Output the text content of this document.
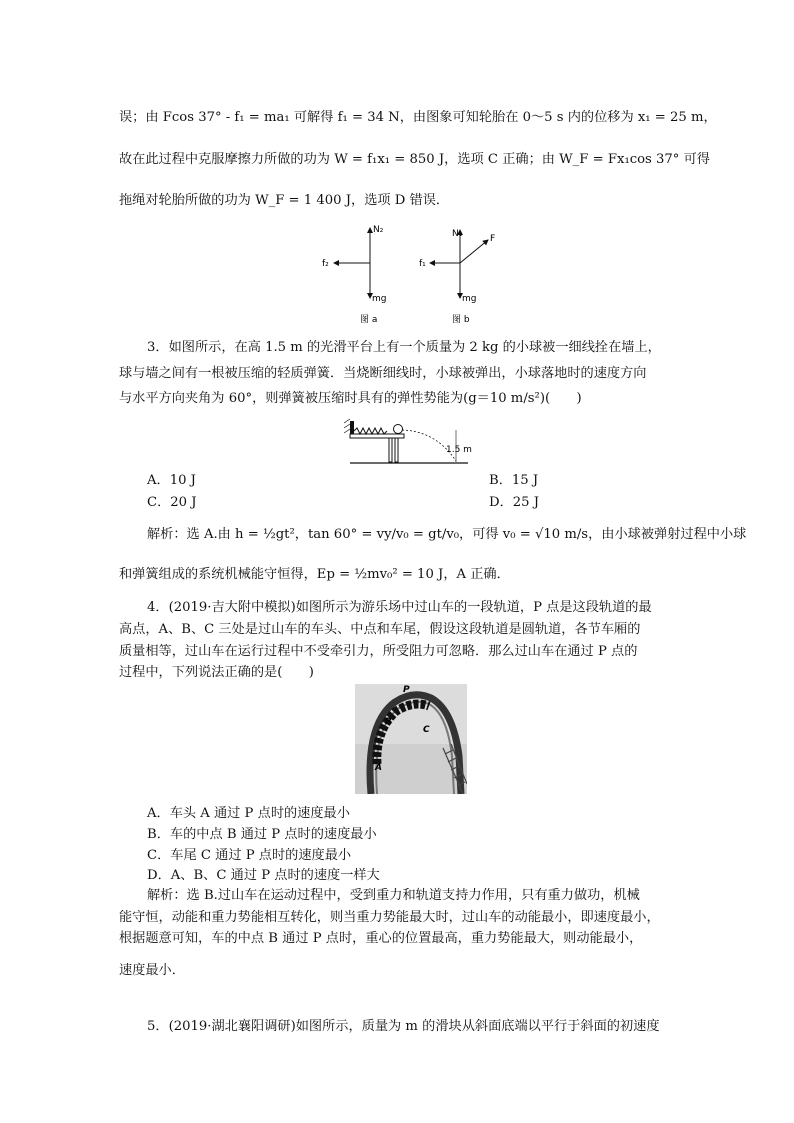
误；由 Fcos 37° - f₁ = ma₁ 可解得 f₁ = 34 N，由图象可知轮胎在 0～5 s 内的位移为 x₁ = 25 m，
故在此过程中克服摩擦力所做的功为 W = f₁x₁ = 850 J，选项 C 正确；由 W_F = Fx₁cos 37° 可得
拖绳对轮胎所做的功为 W_F = 1 400 J，选项 D 错误．
N₂
f₂
mg
图 a
N₁
f₁
F
mg
图 b
3．如图所示，在高 1.5 m 的光滑平台上有一个质量为 2 kg 的小球被一细线拴在墙上，
球与墙之间有一根被压缩的轻质弹簧．当烧断细线时，小球被弹出，小球落地时的速度方向
与水平方向夹角为 60°，则弹簧被压缩时具有的弹性势能为(g＝10 m/s²)(　　)
1.5 m
A．10 J	B．15 J
C．20 J	D．25 J
解析：选 A.由 h = ½gt²，tan 60° = vy/v₀ = gt/v₀，可得 v₀ = √10 m/s，由小球被弹射过程中小球
和弹簧组成的系统机械能守恒得，Ep = ½mv₀² = 10 J，A 正确．
4．(2019·吉大附中模拟)如图所示为游乐场中过山车的一段轨道，P 点是这段轨道的最
高点，A、B、C 三处是过山车的车头、中点和车尾，假设这段轨道是圆轨道，各节车厢的
质量相等，过山车在运行过程中不受牵引力，所受阻力可忽略．那么过山车在通过 P 点的
过程中，下列说法正确的是(　　)
P
A
B
C
A．车头 A 通过 P 点时的速度最小
B．车的中点 B 通过 P 点时的速度最小
C．车尾 C 通过 P 点时的速度最小
D．A、B、C 通过 P 点时的速度一样大
解析：选 B.过山车在运动过程中，受到重力和轨道支持力作用，只有重力做功，机械
能守恒，动能和重力势能相互转化，则当重力势能最大时，过山车的动能最小，即速度最小，
根据题意可知，车的中点 B 通过 P 点时，重心的位置最高，重力势能最大，则动能最小，
速度最小．
5．(2019·湖北襄阳调研)如图所示，质量为 m 的滑块从斜面底端以平行于斜面的初速度
